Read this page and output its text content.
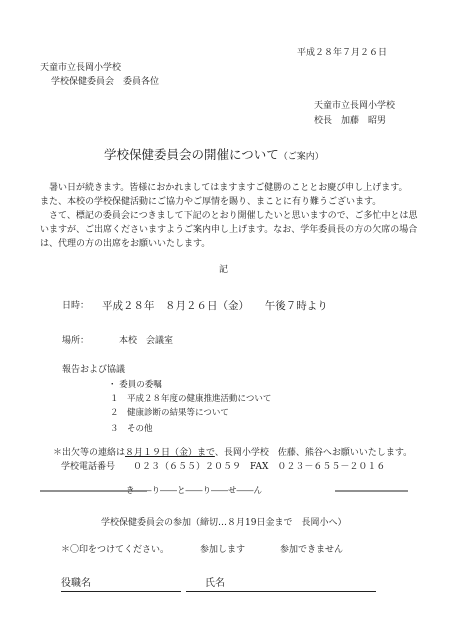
平成２８年７月２６日
天童市立長岡小学校
学校保健委員会　委員各位
天童市立長岡小学校
校長　加藤　昭男
学校保健委員会の開催について（ご案内）
暑い日が続きます。皆様におかれましてはますますご健勝のこととお慶び申し上げます。
また、本校の学校保健活動にご協力やご厚情を賜り、まことに有り難うございます。
さて、標記の委員会につきまして下記のとおり開催したいと思いますので、ご多忙中とは思いますが、ご出席くださいますようご案内申し上げます。なお、学年委員長の方の欠席の場合は、代理の方の出席をお願いいたします。
記
日時： 平成２８年　８月２６日（金）　　午後７時より
場所：	本校　会議室
報告および協議
・ 委員の委嘱
１　平成２８年度の健康推進活動について
２　健康診断の結果等について
３　その他
＊出欠等の連絡は８月１９日（金）まで、長岡小学校　佐藤、熊谷へお願いいたします。
学校電話番号　　０２３（６５５）２０５９　FAX　０２３－６５５－２０１６
き――り――と――り――せ――ん
学校保健委員会の参加（締切…８月19日金まで　長岡小へ）
＊〇印をつけてください。	参加します	参加できません
役職名	氏名
